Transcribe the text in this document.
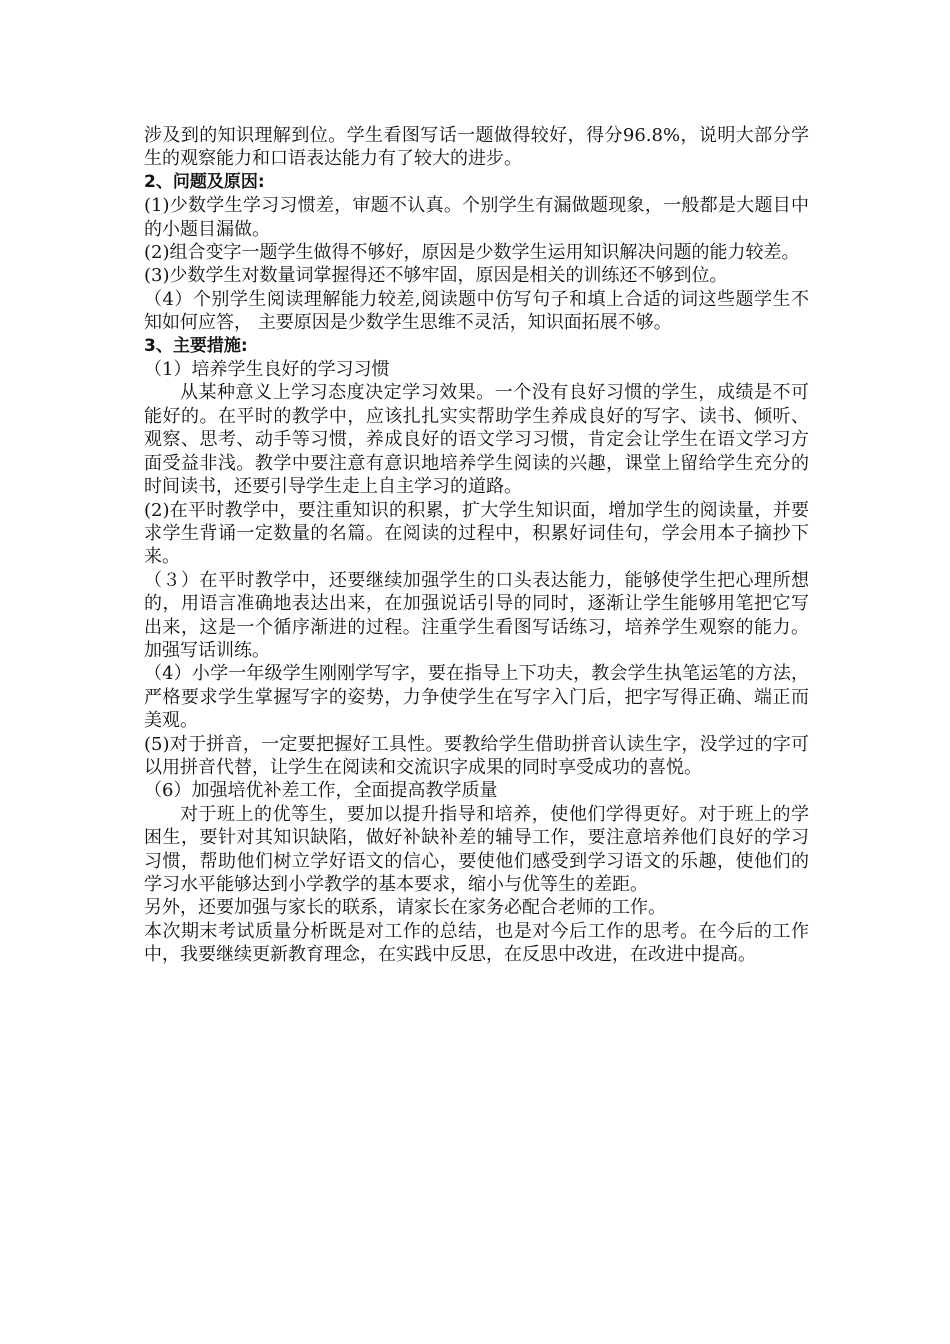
涉及到的知识理解到位。学生看图写话一题做得较好，得分96.8%，说明大部分学生的观察能力和口语表达能力有了较大的进步。

2、问题及原因:

(1)少数学生学习习惯差，审题不认真。个别学生有漏做题现象，一般都是大题目中的小题目漏做。

(2)组合变字一题学生做得不够好，原因是少数学生运用知识解决问题的能力较差。

(3)少数学生对数量词掌握得还不够牢固，原因是相关的训练还不够到位。

（4）个别学生阅读理解能力较差,阅读题中仿写句子和填上合适的词这些题学生不知如何应答， 主要原因是少数学生思维不灵活，知识面拓展不够。

3、主要措施:

（1）培养学生良好的学习习惯

从某种意义上学习态度决定学习效果。一个没有良好习惯的学生，成绩是不可能好的。在平时的教学中，应该扎扎实实帮助学生养成良好的写字、读书、倾听、观察、思考、动手等习惯，养成良好的语文学习习惯，肯定会让学生在语文学习方面受益非浅。教学中要注意有意识地培养学生阅读的兴趣，课堂上留给学生充分的时间读书，还要引导学生走上自主学习的道路。

(2)在平时教学中，要注重知识的积累，扩大学生知识面，增加学生的阅读量，并要求学生背诵一定数量的名篇。在阅读的过程中，积累好词佳句，学会用本子摘抄下来。

（３）在平时教学中，还要继续加强学生的口头表达能力，能够使学生把心理所想的，用语言准确地表达出来，在加强说话引导的同时，逐渐让学生能够用笔把它写出来，这是一个循序渐进的过程。注重学生看图写话练习，培养学生观察的能力。加强写话训练。

（4）小学一年级学生刚刚学写字，要在指导上下功夫，教会学生执笔运笔的方法，严格要求学生掌握写字的姿势，力争使学生在写字入门后，把字写得正确、端正而美观。

(5)对于拼音，一定要把握好工具性。要教给学生借助拼音认读生字，没学过的字可以用拼音代替，让学生在阅读和交流识字成果的同时享受成功的喜悦。

（6）加强培优补差工作，全面提高教学质量

对于班上的优等生，要加以提升指导和培养，使他们学得更好。对于班上的学困生，要针对其知识缺陷，做好补缺补差的辅导工作，要注意培养他们良好的学习习惯，帮助他们树立学好语文的信心，要使他们感受到学习语文的乐趣，使他们的学习水平能够达到小学教学的基本要求，缩小与优等生的差距。

另外，还要加强与家长的联系，请家长在家务必配合老师的工作。

本次期末考试质量分析既是对工作的总结，也是对今后工作的思考。在今后的工作中，我要继续更新教育理念，在实践中反思，在反思中改进，在改进中提高。
